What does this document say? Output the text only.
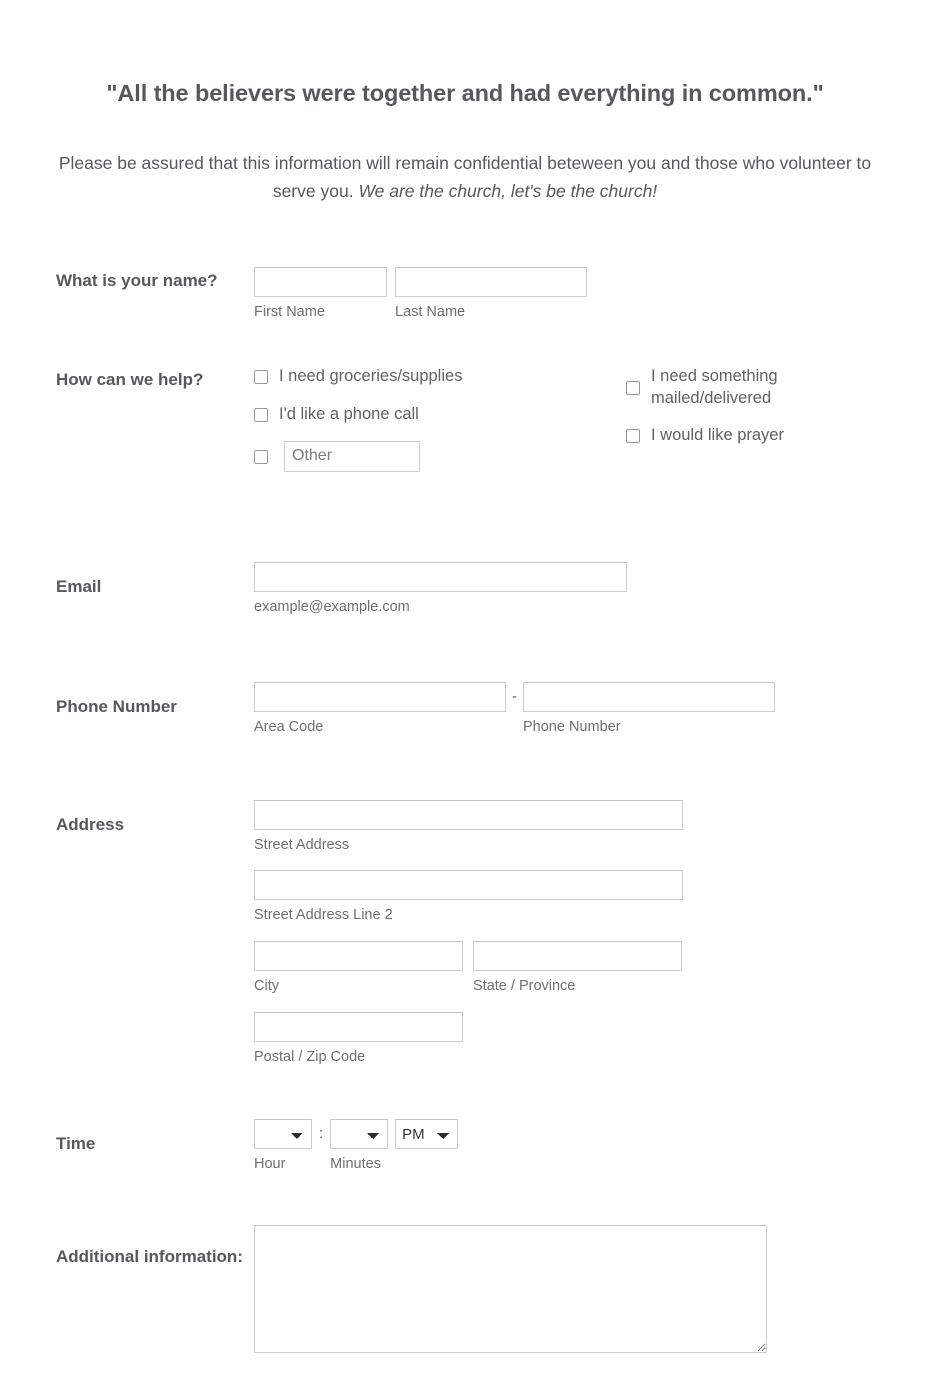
"All the believers were together and had everything in common."

Please be assured that this information will remain confidential beteween you and those who volunteer to serve you. We are the church, let's be the church!

What is your name?
First Name	Last Name
How can we help?	I need groceries/supplies
I'd like a phone call
Other
I need something mailed/delivered
I would like prayer
Email
example@example.com
Phone Number
Area Code
-
Phone Number
Address
Street Address
Street Address Line 2
City	State / Province
Postal / Zip Code
Time
Hour
:
Minutes
PM
Additional information:
